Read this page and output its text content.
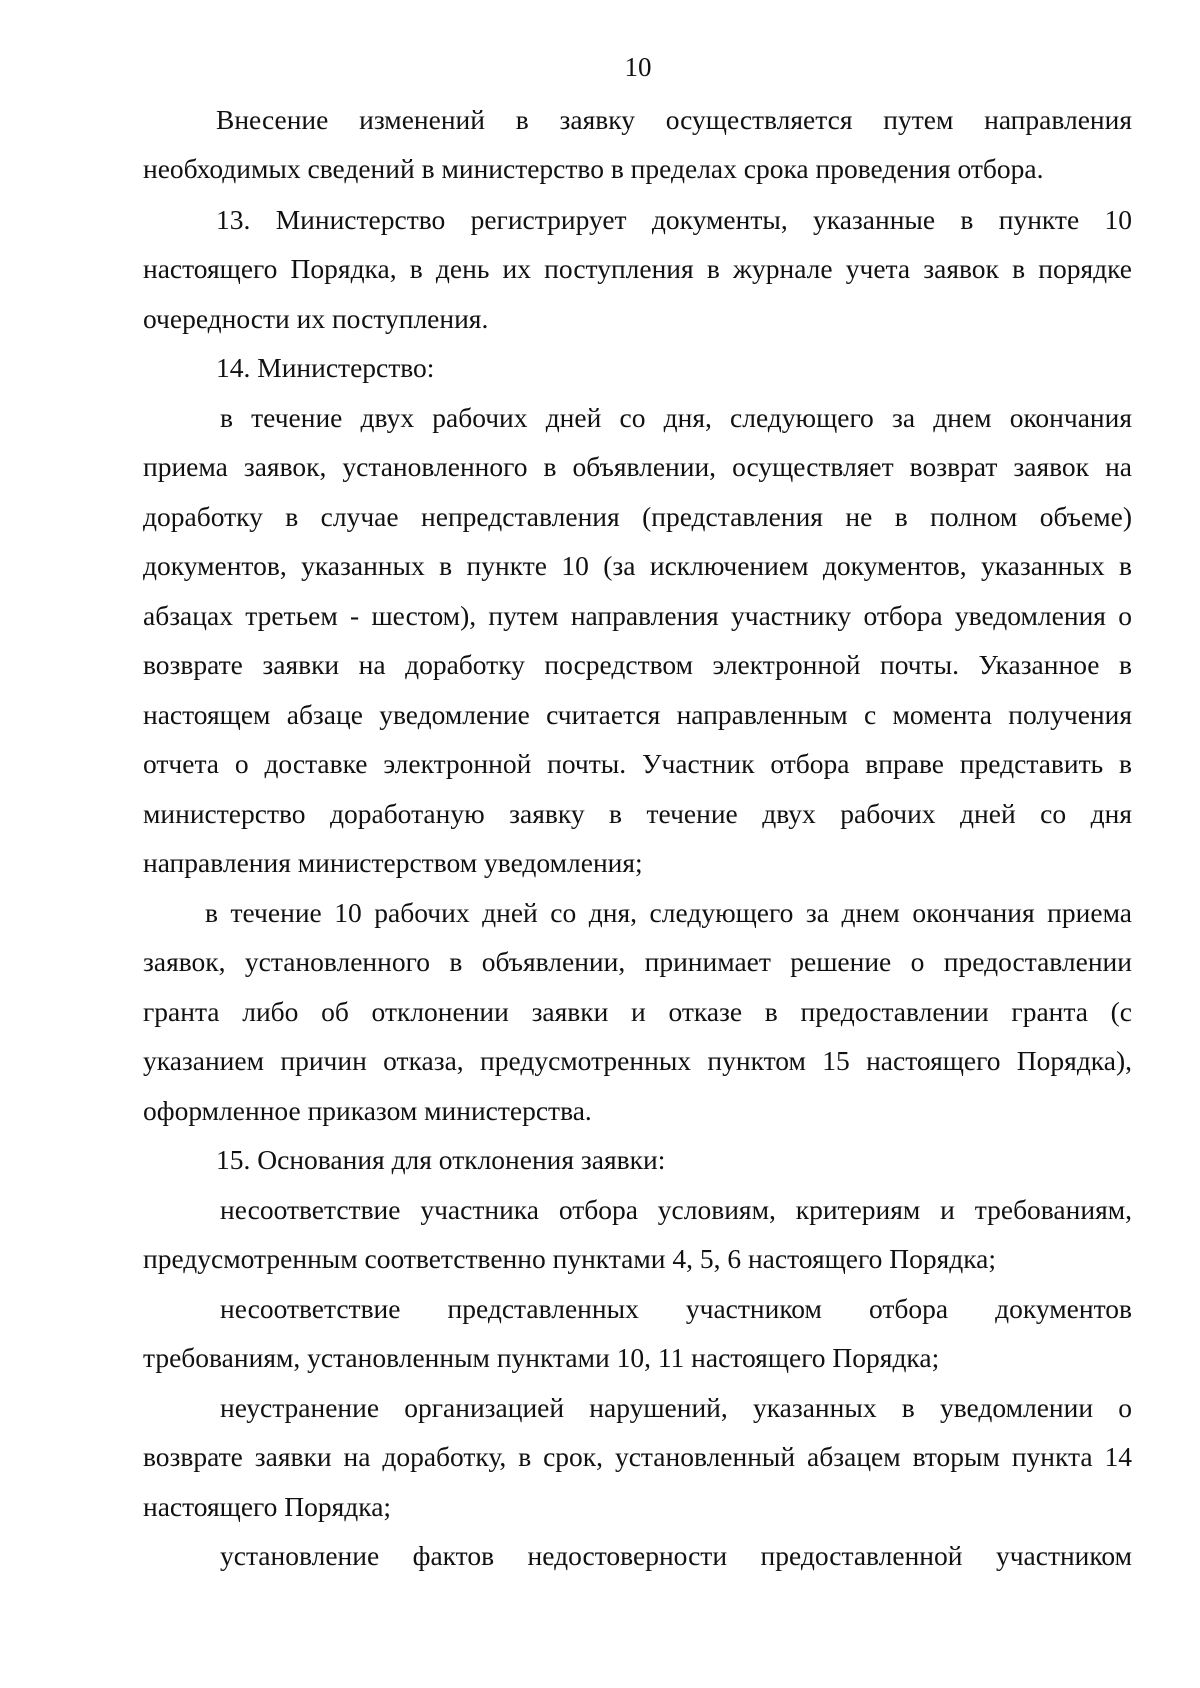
10
Внесение изменений в заявку осуществляется путем направления
необходимых сведений в министерство в пределах срока проведения отбора.
13. Министерство регистрирует документы, указанные в пункте 10
настоящего Порядка, в день их поступления в журнале учета заявок в порядке
очередности их поступления.
14. Министерство:
в течение двух рабочих дней со дня, следующего за днем окончания
приема заявок, установленного в объявлении, осуществляет возврат заявок на
доработку в случае непредставления (представления не в полном объеме)
документов, указанных в пункте 10 (за исключением документов, указанных в
абзацах третьем - шестом), путем направления участнику отбора уведомления о
возврате заявки на доработку посредством электронной почты. Указанное в
настоящем абзаце уведомление считается направленным с момента получения
отчета о доставке электронной почты. Участник отбора вправе представить в
министерство доработаную заявку в течение двух рабочих дней со дня
направления министерством уведомления;
в течение 10 рабочих дней со дня, следующего за днем окончания приема
заявок, установленного в объявлении, принимает решение о предоставлении
гранта либо об отклонении заявки и отказе в предоставлении гранта (с
указанием причин отказа, предусмотренных пунктом 15 настоящего Порядка),
оформленное приказом министерства.
15. Основания для отклонения заявки:
несоответствие участника отбора условиям, критериям и требованиям,
предусмотренным соответственно пунктами 4, 5, 6 настоящего Порядка;
несоответствие представленных участником отбора документов
требованиям, установленным пунктами 10, 11 настоящего Порядка;
неустранение организацией нарушений, указанных в уведомлении о
возврате заявки на доработку, в срок, установленный абзацем вторым пункта 14
настоящего Порядка;
установление фактов недостоверности предоставленной участником
